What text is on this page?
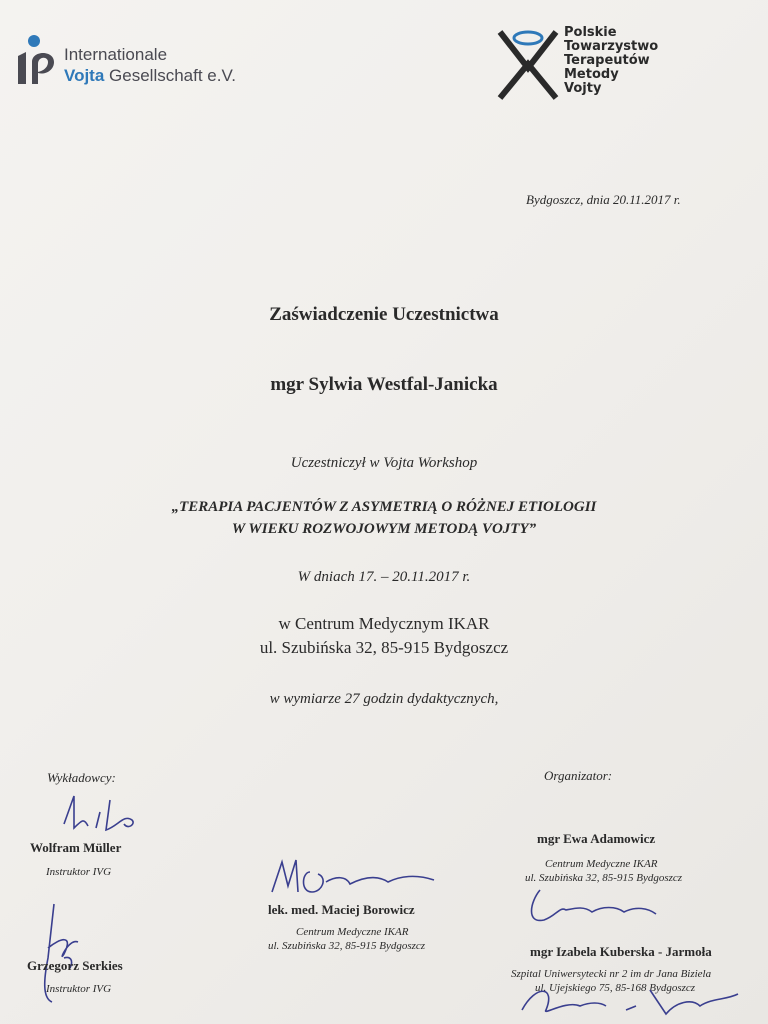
Internationale
Vojta Gesellschaft e.V.
Polskie
Towarzystwo
Terapeutów
Metody
Vojty
Bydgoszcz, dnia 20.11.2017 r.
Zaświadczenie Uczestnictwa
mgr Sylwia Westfal-Janicka
Uczestniczył w Vojta Workshop
„TERAPIA PACJENTÓW Z ASYMETRIĄ O RÓŻNEJ ETIOLOGII
W WIEKU ROZWOJOWYM METODĄ VOJTY”
W dniach 17. – 20.11.2017 r.
w Centrum Medycznym IKAR
ul. Szubińska 32, 85-915 Bydgoszcz
w wymiarze 27 godzin dydaktycznych,
Wykładowcy:
Wolfram Müller
Instruktor IVG
Grzegorz Serkies
Instruktor IVG
lek. med. Maciej Borowicz
Centrum Medyczne IKAR
ul. Szubińska 32, 85-915 Bydgoszcz
Organizator:
mgr Ewa Adamowicz
Centrum Medyczne IKAR
ul. Szubińska 32, 85-915 Bydgoszcz
mgr Izabela Kuberska - Jarmoła
Szpital Uniwersytecki nr 2 im dr Jana Biziela
ul. Ujejskiego 75, 85-168 Bydgoszcz
